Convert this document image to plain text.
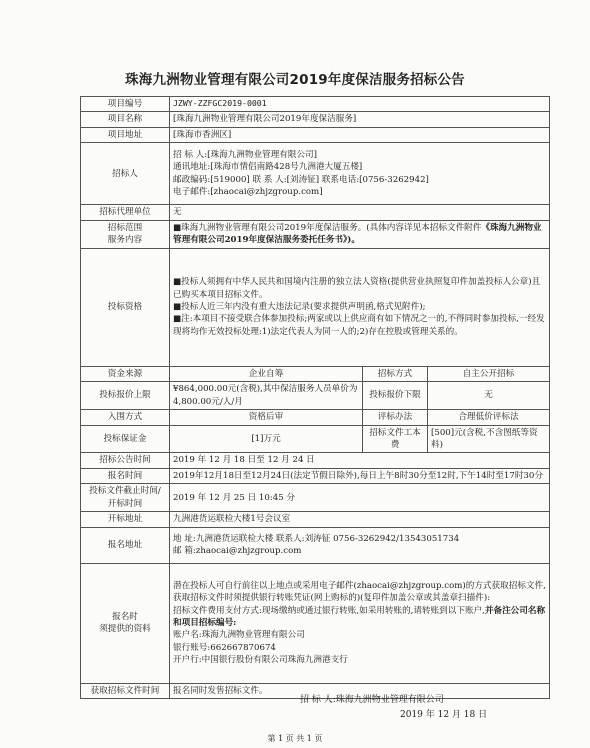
珠海九洲物业管理有限公司2019年度保洁服务招标公告
项目编号	JZWY-ZZFGC2019-0001		
项目名称	[珠海九洲物业管理有限公司2019年度保洁服务]		
项目地址	[珠海市香洲区]		
招标人	招 标 人:[珠海九洲物业管理有限公司]
通讯地址:[珠海市情侣南路428号九洲港大厦五楼]
邮政编码:[519000] 联 系 人:[刘涛钲] 联系电话:[0756-3262942]
电子邮件:[zhaocai@zhjzgroup.com]		

招标代理单位	无		

招标范围
服务内容	■珠海九洲物业管理有限公司2019年度保洁服务。(具体内容详见本招标文件附件《珠海九洲物业管理有限公司2019年度保洁服务委托任务书》)。		
投标资格	■投标人须拥有中华人民共和国境内注册的独立法人资格(提供营业执照复印件加盖投标人公章)且已购买本项目招标文件。
■投标人近三年内没有重大违法记录(要求提供声明函,格式见附件);
■注:本项目不接受联合体参加投标;两家或以上供应商有如下情况之一的,不得同时参加投标,一经发现将均作无效投标处理:1)法定代表人为同一人的;2)存在控股或管理关系的。		

资金来源	企业自筹	招标方式	自主公开招标
投标报价上限	¥864,000.00元(含税),其中保洁服务人员单价为4,800.00元/人/月	投标报价下限	无
入围方式	资格后审	评标办法	合理低价评标法
投标保证金	[1]万元	招标文件工本费	[500]元(含税,不含图纸等资料)
招标公告时间	2019 年 12 月 18 日至 12 月 24 日		
报名时间	2019年12月18日至12月24日(法定节假日除外),每日上午8时30分至12时,下午14时至17时30分		

投标文件截止时间/
开标时间	2019 年 12 月 25 日 10:45 分		
开标地址	九洲港货运联检大楼1号会议室		
报名地址	地 址:九洲港货运联检大楼 联系人:刘涛钲 0756-3262942/13543051734
邮 箱:zhaocai@zhjzgroup.com		

报名时
须提供的资料	潜在投标人可自行前往以上地点或采用电子邮件(zhaocai@zhjzgroup.com)的方式获取招标文件,获取招标文件时须提供银行转账凭证(网上购标的)(复印件加盖公章或其盖章扫描件):
招标文件费用支付方式:现场缴纳或通过银行转账,如采用转账的,请转账到以下账户,并备注公司名称和项目招标编号:
账户名:珠海九洲物业管理有限公司
银行账号:662667870674
开户行:中国银行股份有限公司珠海九洲港支行		

获取招标文件时间	报名同时发售招标文件。		
招 标 人:珠海九洲物业管理有限公司
2019 年 12 月 18 日
第 1 页 共 1 页
